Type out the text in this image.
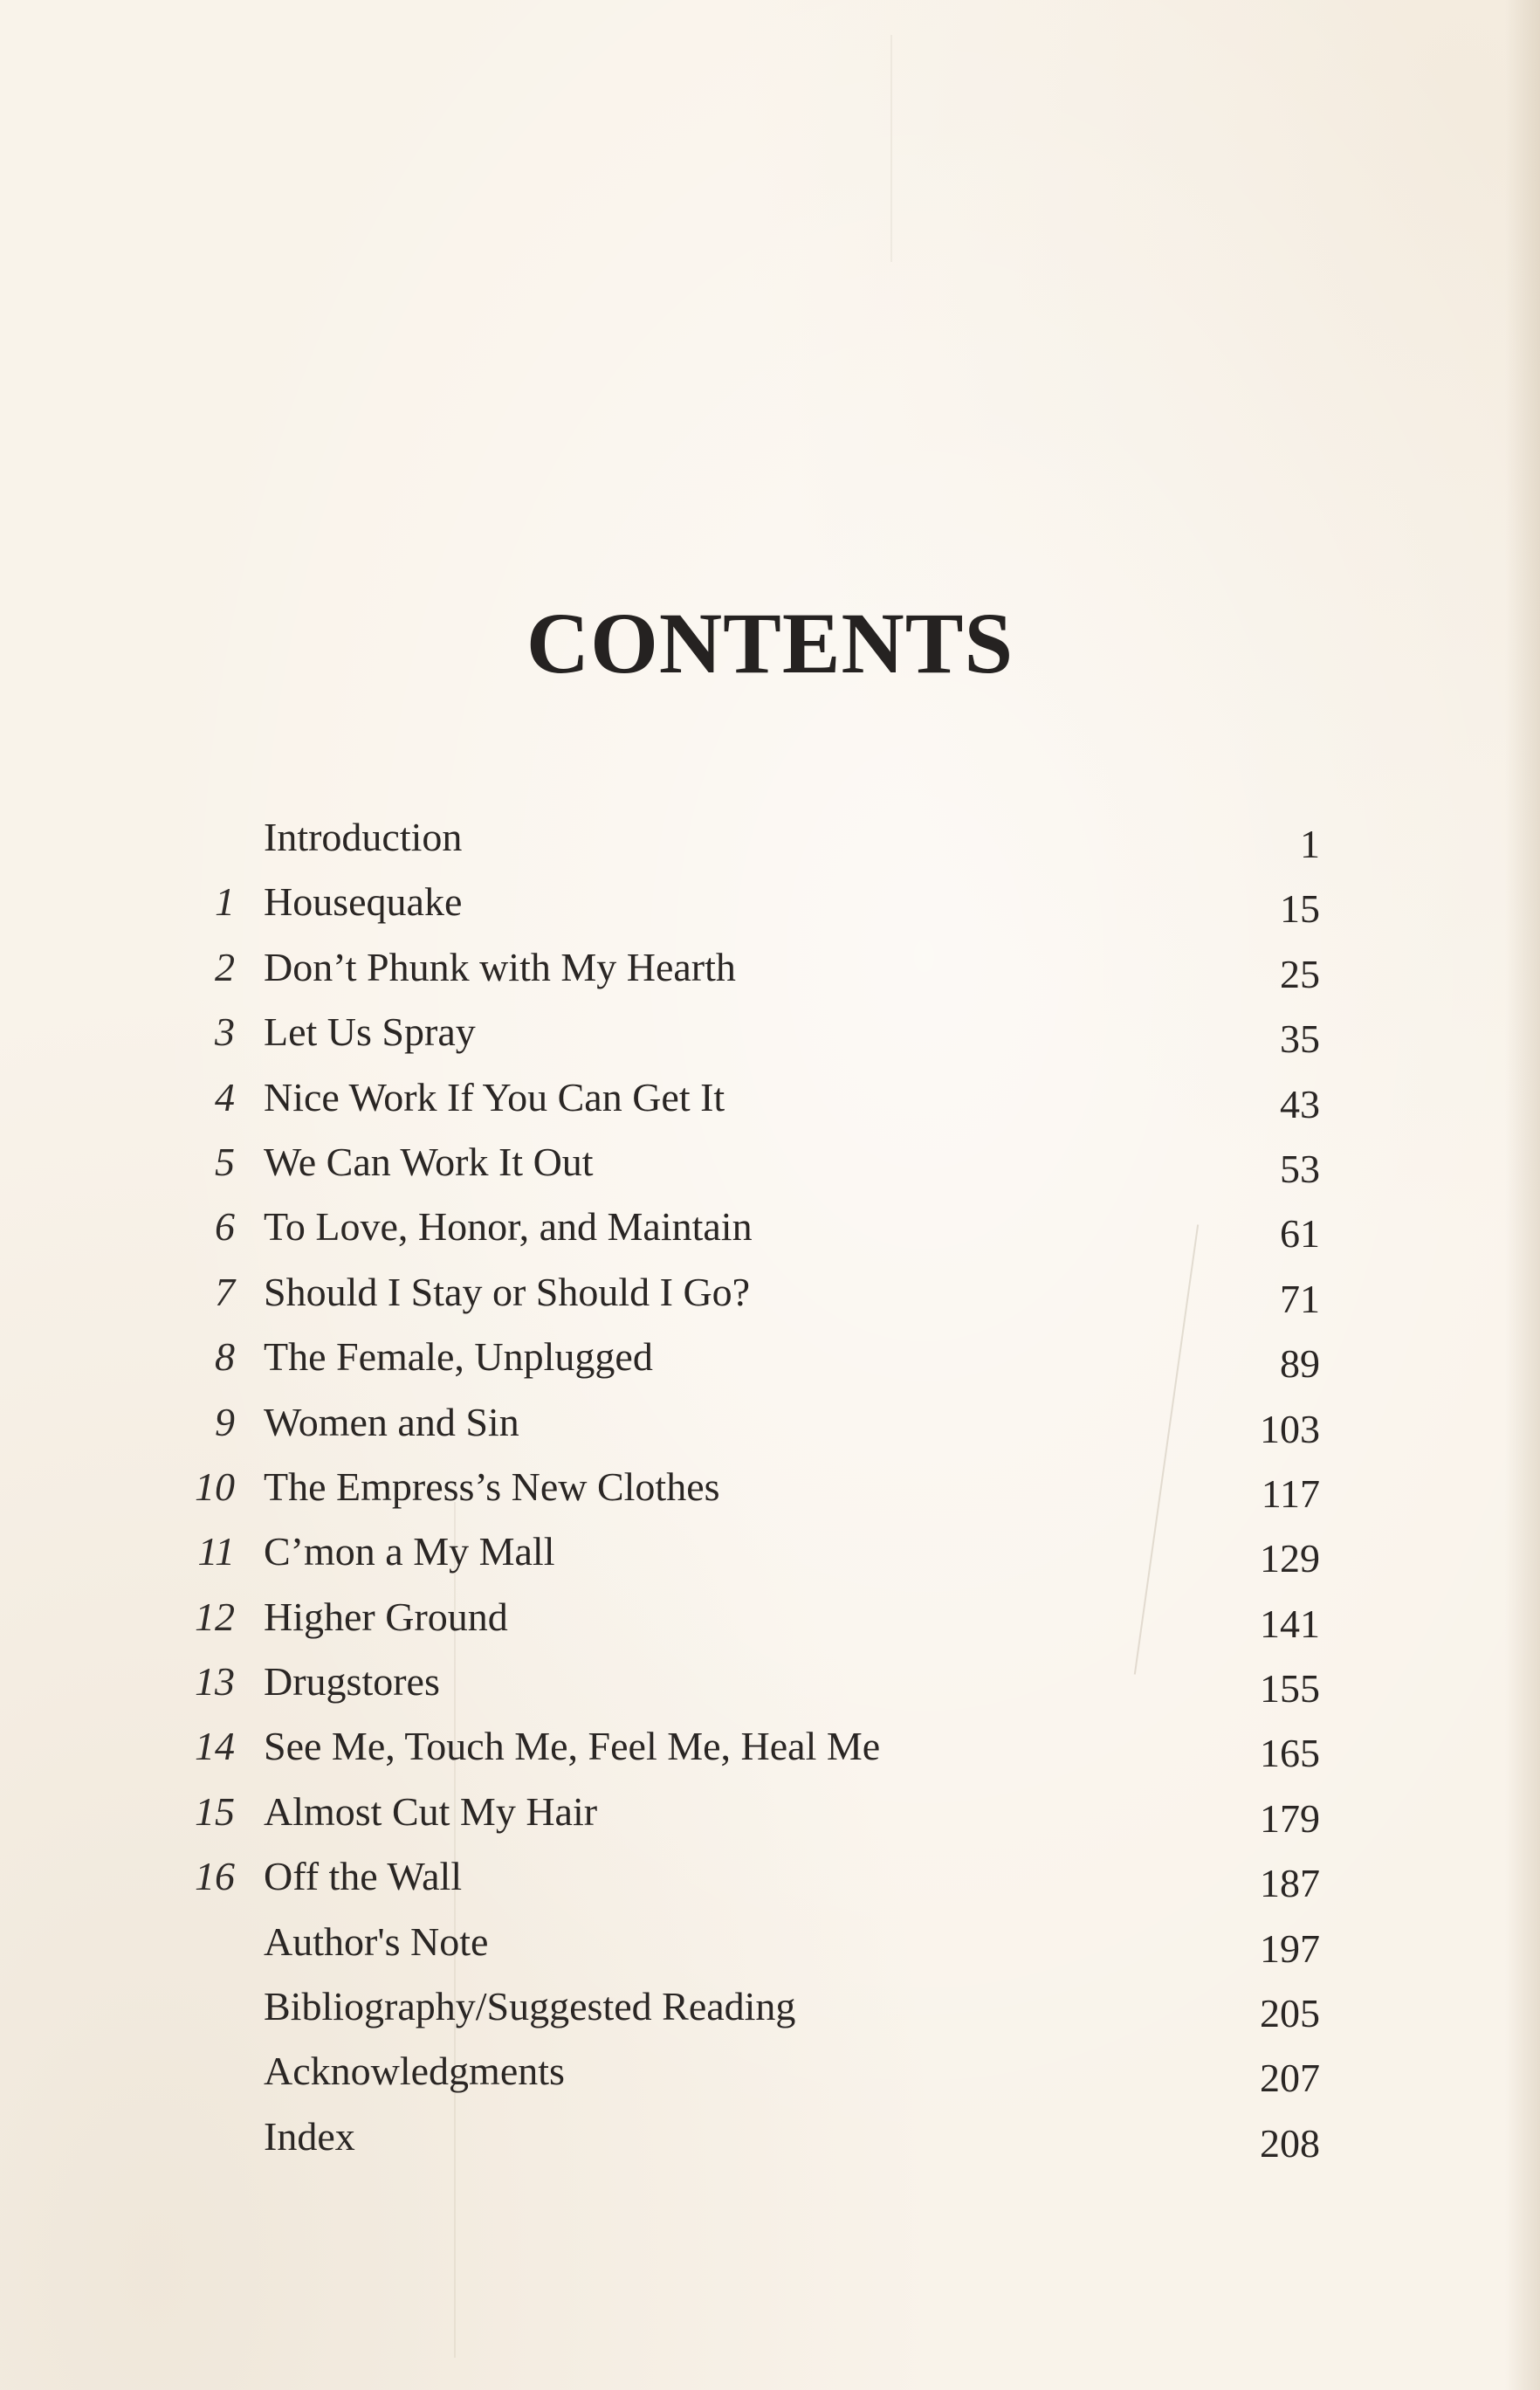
CONTENTS
Introduction	1
1 Housequake	15
2 Don’t Phunk with My Hearth	25
3 Let Us Spray	35
4 Nice Work If You Can Get It	43
5 We Can Work It Out	53
6 To Love, Honor, and Maintain	61
7 Should I Stay or Should I Go?	71
8 The Female, Unplugged	89
9 Women and Sin	103
10 The Empress’s New Clothes	117
11 C’mon a My Mall	129
12 Higher Ground	141
13 Drugstores	155
14 See Me, Touch Me, Feel Me, Heal Me	165
15 Almost Cut My Hair	179
16 Off the Wall	187
Author's Note	197
Bibliography/Suggested Reading	205
Acknowledgments	207
Index	208
